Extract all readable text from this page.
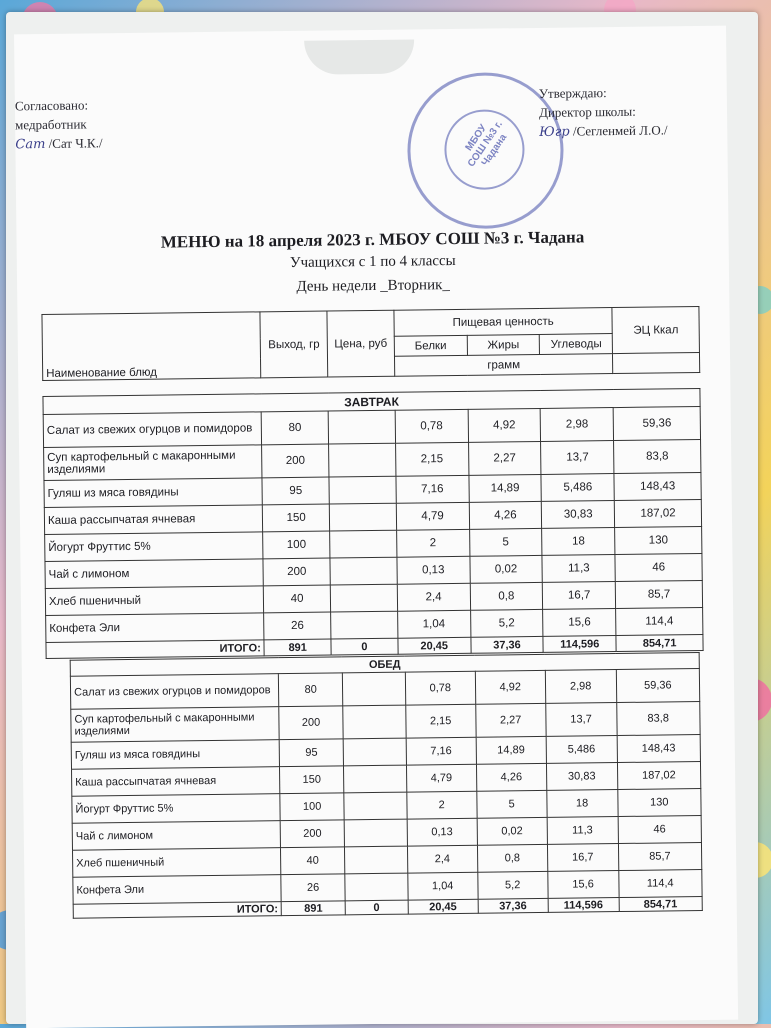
Согласовано:
медработник
Сат /Сат Ч.К./	МБОУ СОШ №3 г. Чадана
Утверждаю:
Директор школы:
Югр /Сегленмей Л.О./
МЕНЮ на 18 апреля 2023 г. МБОУ СОШ №3 г. Чадана
Учащихся с 1 по 4 классы
День недели _Вторник_
Наименование блюд	Выход, гр	Цена, руб	Пищевая ценность			ЭЦ Ккал
			Белки	Жиры	Углеводы	
			грамм			
ЗАВТРАК						
Салат из свежих огурцов и помидоров	80		0,78	4,92	2,98	59,36
Суп картофельный с макаронными изделиями	200		2,15	2,27	13,7	83,8
Гуляш из мяса говядины	95		7,16	14,89	5,486	148,43
Каша рассыпчатая ячневая	150		4,79	4,26	30,83	187,02
Йогурт Фруттис 5%	100		2	5	18	130
Чай с лимоном	200		0,13	0,02	11,3	46
Хлеб пшеничный	40		2,4	0,8	16,7	85,7
Конфета Эли	26		1,04	5,2	15,6	114,4
ИТОГО:	891	0	20,45	37,36	114,596	854,71
ОБЕД						
Салат из свежих огурцов и помидоров	80		0,78	4,92	2,98	59,36
Суп картофельный с макаронными изделиями	200		2,15	2,27	13,7	83,8
Гуляш из мяса говядины	95		7,16	14,89	5,486	148,43
Каша рассыпчатая ячневая	150		4,79	4,26	30,83	187,02
Йогурт Фруттис 5%	100		2	5	18	130
Чай с лимоном	200		0,13	0,02	11,3	46
Хлеб пшеничный	40		2,4	0,8	16,7	85,7
Конфета Эли	26		1,04	5,2	15,6	114,4
ИТОГО:	891	0	20,45	37,36	114,596	854,71
